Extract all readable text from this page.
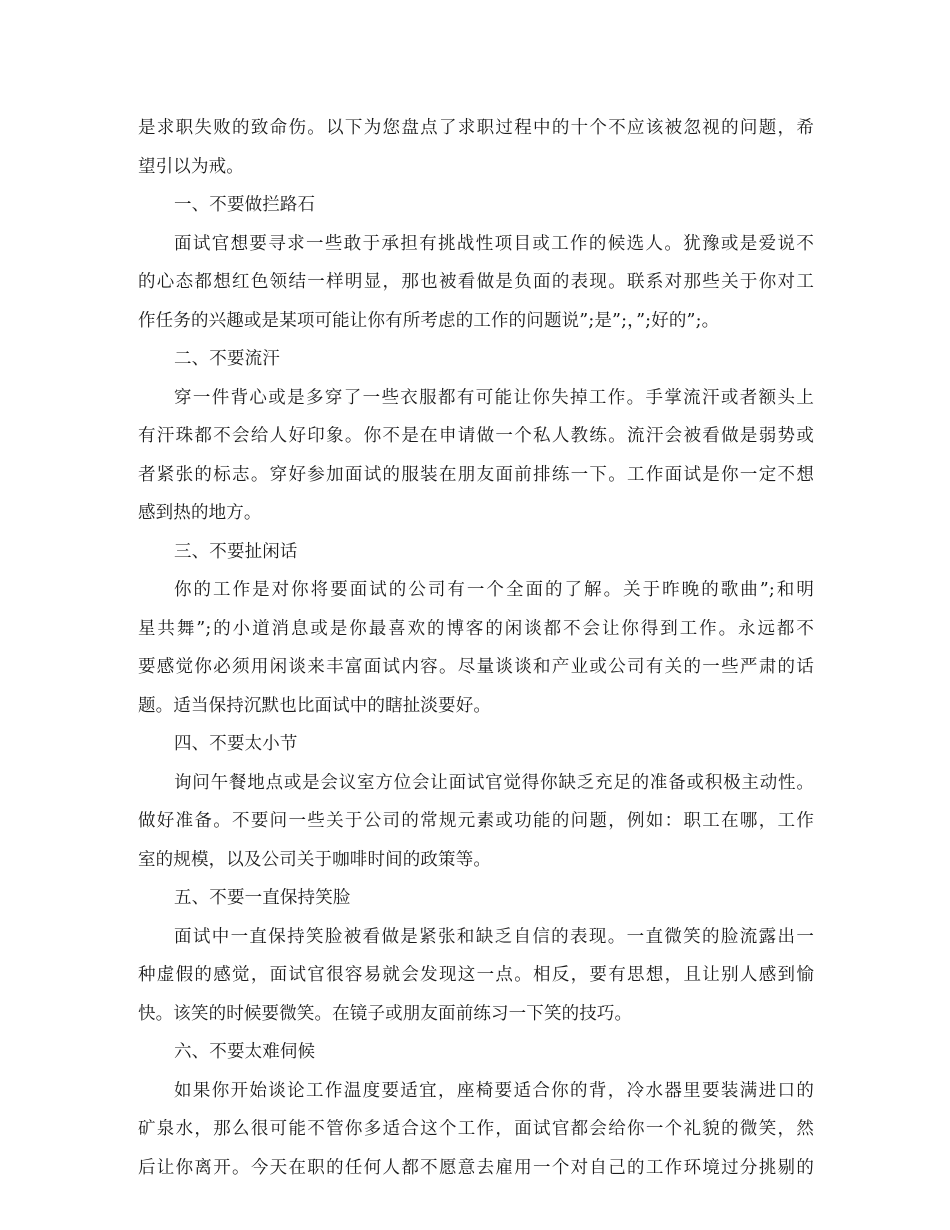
是求职失败的致命伤。以下为您盘点了求职过程中的十个不应该被忽视的问题，希
望引以为戒。
一、不要做拦路石
面试官想要寻求一些敢于承担有挑战性项目或工作的候选人。犹豫或是爱说不
的心态都想红色领结一样明显，那也被看做是负面的表现。联系对那些关于你对工
作任务的兴趣或是某项可能让你有所考虑的工作的问题说”;是”;，”;好的”;。
二、不要流汗
穿一件背心或是多穿了一些衣服都有可能让你失掉工作。手掌流汗或者额头上
有汗珠都不会给人好印象。你不是在申请做一个私人教练。流汗会被看做是弱势或
者紧张的标志。穿好参加面试的服装在朋友面前排练一下。工作面试是你一定不想
感到热的地方。
三、不要扯闲话
你的工作是对你将要面试的公司有一个全面的了解。关于昨晚的歌曲”;和明
星共舞”;的小道消息或是你最喜欢的博客的闲谈都不会让你得到工作。永远都不
要感觉你必须用闲谈来丰富面试内容。尽量谈谈和产业或公司有关的一些严肃的话
题。适当保持沉默也比面试中的瞎扯淡要好。
四、不要太小节
询问午餐地点或是会议室方位会让面试官觉得你缺乏充足的准备或积极主动性。
做好准备。不要问一些关于公司的常规元素或功能的问题，例如：职工在哪，工作
室的规模，以及公司关于咖啡时间的政策等。
五、不要一直保持笑脸
面试中一直保持笑脸被看做是紧张和缺乏自信的表现。一直微笑的脸流露出一
种虚假的感觉，面试官很容易就会发现这一点。相反，要有思想，且让别人感到愉
快。该笑的时候要微笑。在镜子或朋友面前练习一下笑的技巧。
六、不要太难伺候
如果你开始谈论工作温度要适宜，座椅要适合你的背，冷水器里要装满进口的
矿泉水，那么很可能不管你多适合这个工作，面试官都会给你一个礼貌的微笑，然
后让你离开。今天在职的任何人都不愿意去雇用一个对自己的工作环境过分挑剔的
